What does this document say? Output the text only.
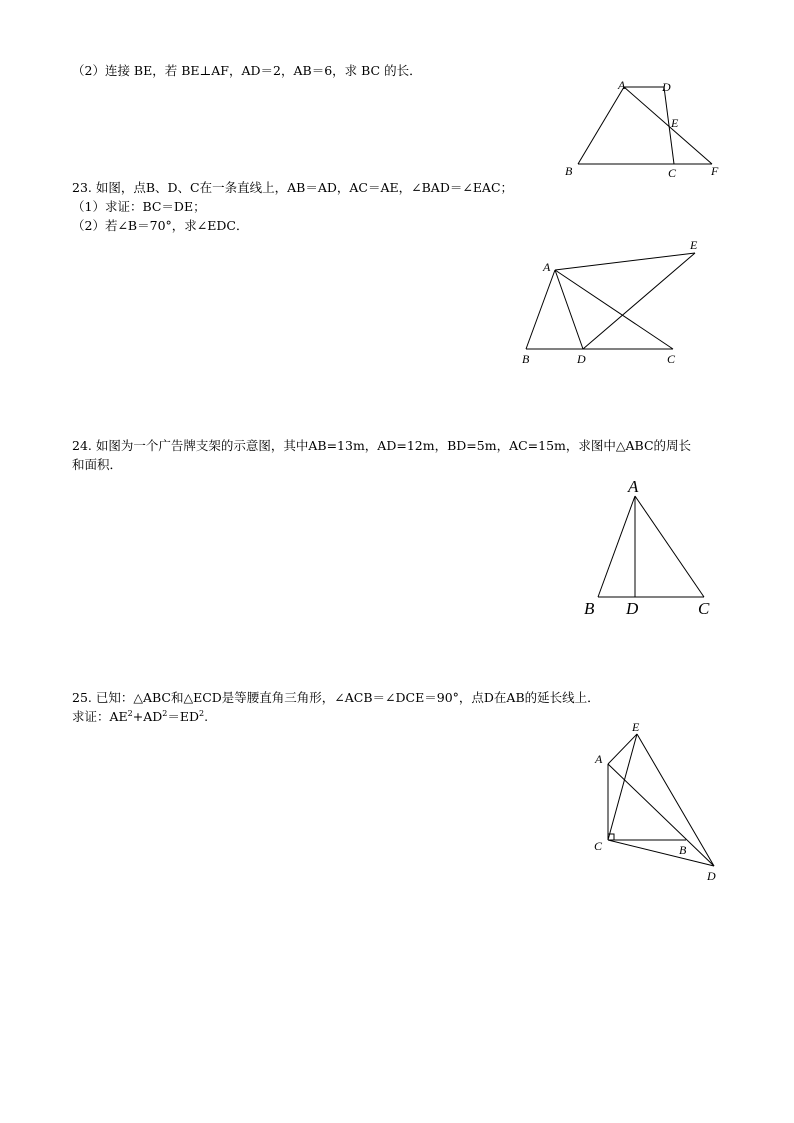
（2）连接 BE，若 BE⊥AF，AD＝2，AB＝6，求 BC 的长．
A	D
E
B	C	F
23. 如图，点B、D、C在一条直线上，AB＝AD，AC＝AE，∠BAD＝∠EAC；
（1）求证：BC＝DE；
（2）若∠B＝70°，求∠EDC．
A
E
B	D	C
24. 如图为一个广告牌支架的示意图，其中AB=13m，AD=12m，BD=5m，AC=15m，求图中△ABC的周长
和面积．
A
B D	C
25. 已知：△ABC和△ECD是等腰直角三角形，∠ACB＝∠DCE＝90°，点D在AB的延长线上．
求证：$AE^2+AD^2=ED^2$.
E
A
C	B
D
